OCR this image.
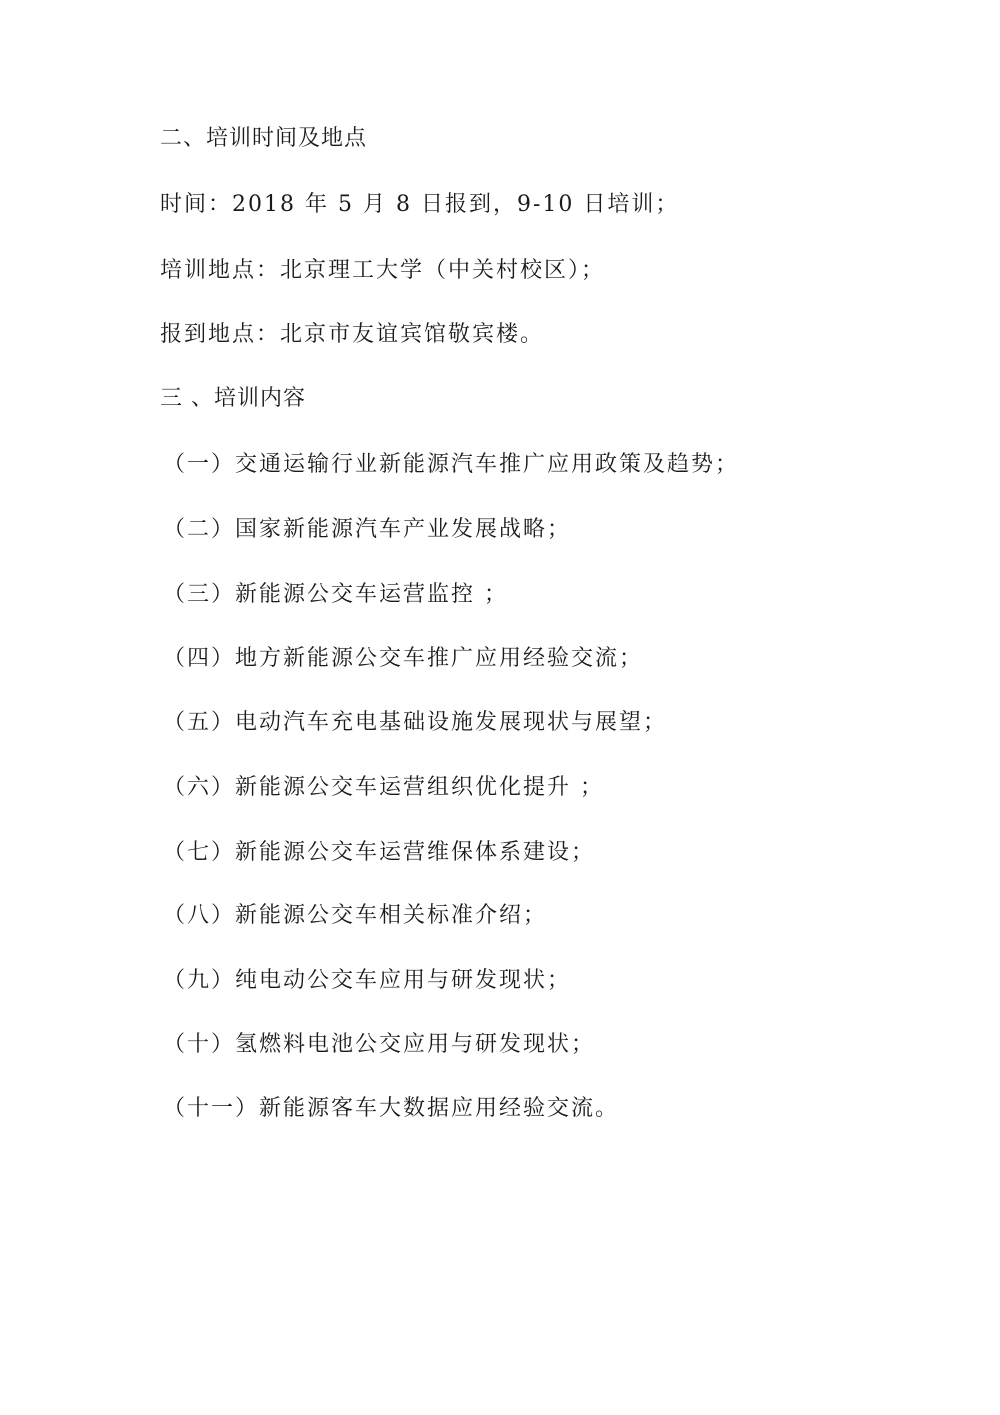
二、培训时间及地点
时间：2018 年 5 月 8 日报到，9-10 日培训；
培训地点：北京理工大学（中关村校区）；
报到地点：北京市友谊宾馆敬宾楼。
三 、培训内容
（一）交通运输行业新能源汽车推广应用政策及趋势；
（二）国家新能源汽车产业发展战略；
（三）新能源公交车运营监控 ；
（四）地方新能源公交车推广应用经验交流；
（五）电动汽车充电基础设施发展现状与展望；
（六）新能源公交车运营组织优化提升 ；
（七）新能源公交车运营维保体系建设；
（八）新能源公交车相关标准介绍；
（九）纯电动公交车应用与研发现状；
（十）氢燃料电池公交应用与研发现状；
（十一）新能源客车大数据应用经验交流。
